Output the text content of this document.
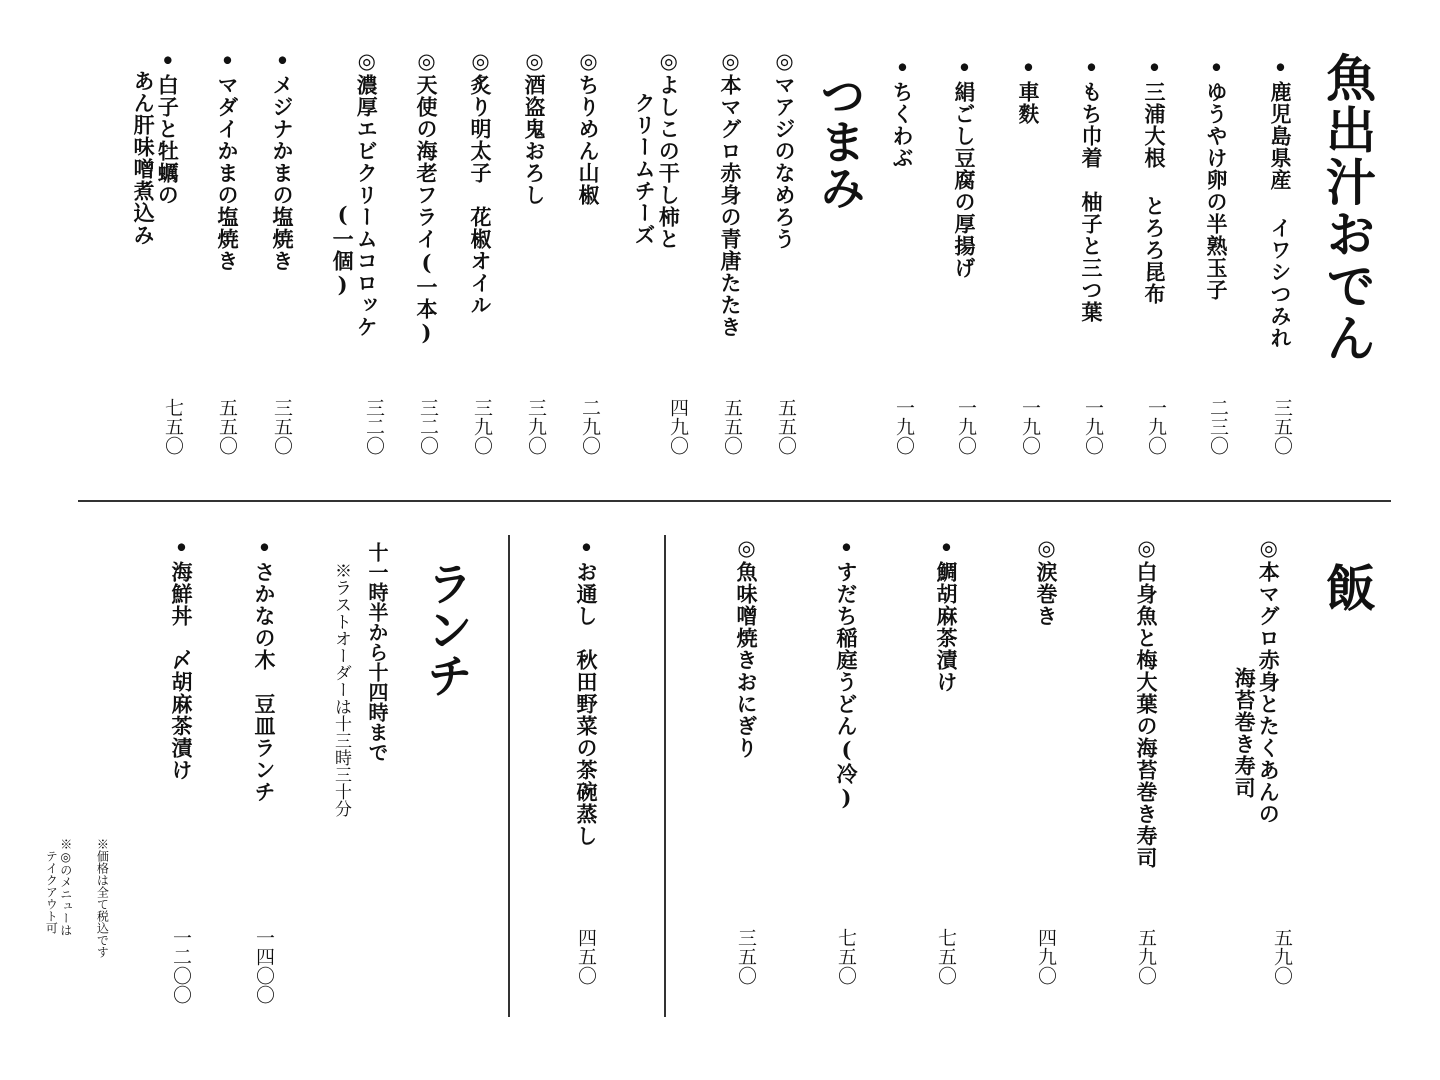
魚出汁おでん
•鹿児島県産 イワシつみれ
三五〇
•ゆうやけ卵の半熟玉子
二三〇
•三浦大根 とろろ昆布
一九〇
•もち巾着　柚子と三つ葉
一九〇
•車麩
一九〇
•絹ごし豆腐の厚揚げ
一九〇
•ちくわぶ
一九〇
つまみ
◎マアジのなめろう
五五〇
◎本マグロ赤身の青唐たたき
五五〇
◎よしこの干し柿と
　　クリームチーズ
四九〇
◎ちりめん山椒
二九〇
◎酒盗鬼おろし
三九〇
◎炙り明太子　花椒オイル
三九〇
◎天使の海老フライ(一本)
三二〇
◎濃厚エビクリームコロッケ
　　　　　　　(一個)
三二〇
•メジナかまの塩焼き
三五〇
•マダイかまの塩焼き
五五〇
•白子と牡蠣の
　あん肝味噌煮込み
七五〇
飯
◎本マグロ赤身とたくあんの
　　　　　　海苔巻き寿司
五九〇
◎白身魚と梅大葉の海苔巻き寿司
五九〇
◎涙巻き
四九〇
•鯛胡麻茶漬け
七五〇
•すだち稲庭うどん(冷)
七五〇
◎魚味噌焼きおにぎり
三五〇
•お通し　秋田野菜の茶碗蒸し
四五〇
ランチ
十一時半から十四時まで
※ラストオーダーは十三時三十分
•さかなの木　豆皿ランチ
一四〇〇
•海鮮丼　〆胡麻茶漬け
一二〇〇
※価格は全て税込です
※◎のメニューは
　テイクアウト可
